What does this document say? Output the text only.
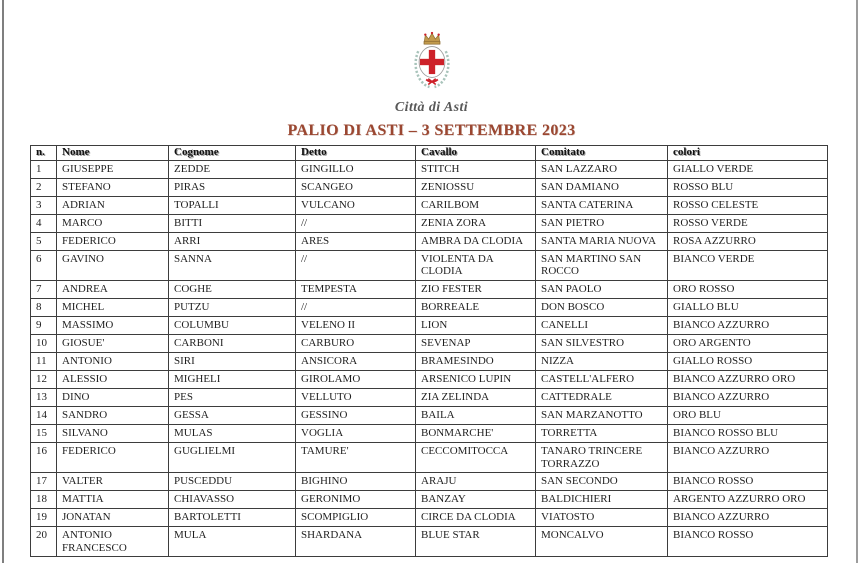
Città di Asti
PALIO DI ASTI – 3 SETTEMBRE 2023
n.	Nome	Cognome	Detto	Cavallo	Comitato	colori
1	GIUSEPPE	ZEDDE	GINGILLO	STITCH	SAN LAZZARO	GIALLO VERDE
2	STEFANO	PIRAS	SCANGEO	ZENIOSSU	SAN DAMIANO	ROSSO BLU
3	ADRIAN	TOPALLI	VULCANO	CARILBOM	SANTA CATERINA	ROSSO CELESTE
4	MARCO	BITTI	//	ZENIA ZORA	SAN PIETRO	ROSSO VERDE
5	FEDERICO	ARRI	ARES	AMBRA DA CLODIA	SANTA MARIA NUOVA	ROSA AZZURRO
6	GAVINO	SANNA	//	VIOLENTA DA CLODIA	SAN MARTINO SAN ROCCO	BIANCO VERDE
7	ANDREA	COGHE	TEMPESTA	ZIO FESTER	SAN PAOLO	ORO ROSSO
8	MICHEL	PUTZU	//	BORREALE	DON BOSCO	GIALLO BLU
9	MASSIMO	COLUMBU	VELENO II	LION	CANELLI	BIANCO AZZURRO
10	GIOSUE'	CARBONI	CARBURO	SEVENAP	SAN SILVESTRO	ORO ARGENTO
11	ANTONIO	SIRI	ANSICORA	BRAMESINDO	NIZZA	GIALLO ROSSO
12	ALESSIO	MIGHELI	GIROLAMO	ARSENICO LUPIN	CASTELL'ALFERO	BIANCO AZZURRO ORO
13	DINO	PES	VELLUTO	ZIA ZELINDA	CATTEDRALE	BIANCO AZZURRO
14	SANDRO	GESSA	GESSINO	BAILA	SAN MARZANOTTO	ORO BLU
15	SILVANO	MULAS	VOGLIA	BONMARCHE'	TORRETTA	BIANCO ROSSO BLU
16	FEDERICO	GUGLIELMI	TAMURE'	CECCOMITOCCA	TANARO TRINCERE TORRAZZO	BIANCO AZZURRO
17	VALTER	PUSCEDDU	BIGHINO	ARAJU	SAN SECONDO	BIANCO ROSSO
18	MATTIA	CHIAVASSO	GERONIMO	BANZAY	BALDICHIERI	ARGENTO AZZURRO ORO
19	JONATAN	BARTOLETTI	SCOMPIGLIO	CIRCE DA CLODIA	VIATOSTO	BIANCO AZZURRO
20	ANTONIO FRANCESCO	MULA	SHARDANA	BLUE STAR	MONCALVO	BIANCO ROSSO
